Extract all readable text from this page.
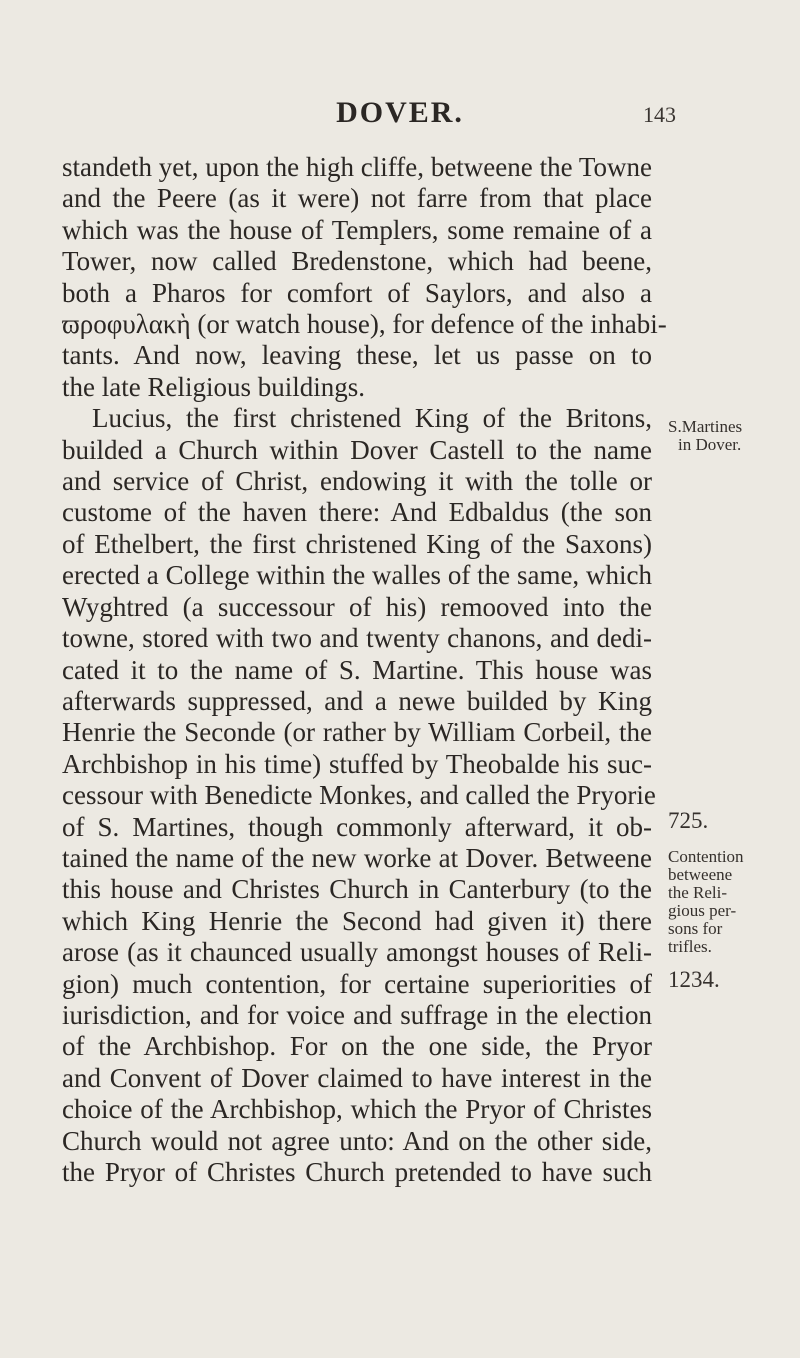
DOVER.	143
standeth yet, upon the high cliffe, betweene the Towne
and the Peere (as it were) not farre from that place
which was the house of Templers, some remaine of a
Tower, now called Bredenstone, which had beene,
both a Pharos for comfort of Saylors, and also a
ϖροφυλακὴ (or watch house), for defence of the inhabi-
tants. And now, leaving these, let us passe on to
the late Religious buildings.
Lucius, the first christened King of the Britons,
builded a Church within Dover Castell to the name
and service of Christ, endowing it with the tolle or
custome of the haven there: And Edbaldus (the son
of Ethelbert, the first christened King of the Saxons)
erected a College within the walles of the same, which
Wyghtred (a successour of his) remooved into the
towne, stored with two and twenty chanons, and dedi-
cated it to the name of S. Martine. This house was
afterwards suppressed, and a newe builded by King
Henrie the Seconde (or rather by William Corbeil, the
Archbishop in his time) stuffed by Theobalde his suc-
cessour with Benedicte Monkes, and called the Pryorie
of S. Martines, though commonly afterward, it ob-
tained the name of the new worke at Dover. Betweene
this house and Christes Church in Canterbury (to the
which King Henrie the Second had given it) there
arose (as it chaunced usually amongst houses of Reli-
gion) much contention, for certaine superiorities of
iurisdiction, and for voice and suffrage in the election
of the Archbishop. For on the one side, the Pryor
and Convent of Dover claimed to have interest in the
choice of the Archbishop, which the Pryor of Christes
Church would not agree unto: And on the other side,
the Pryor of Christes Church pretended to have such
S.Martines
in Dover.
725.
Contention
betweene
the Reli-
gious per-
sons for
trifles.
1234.
